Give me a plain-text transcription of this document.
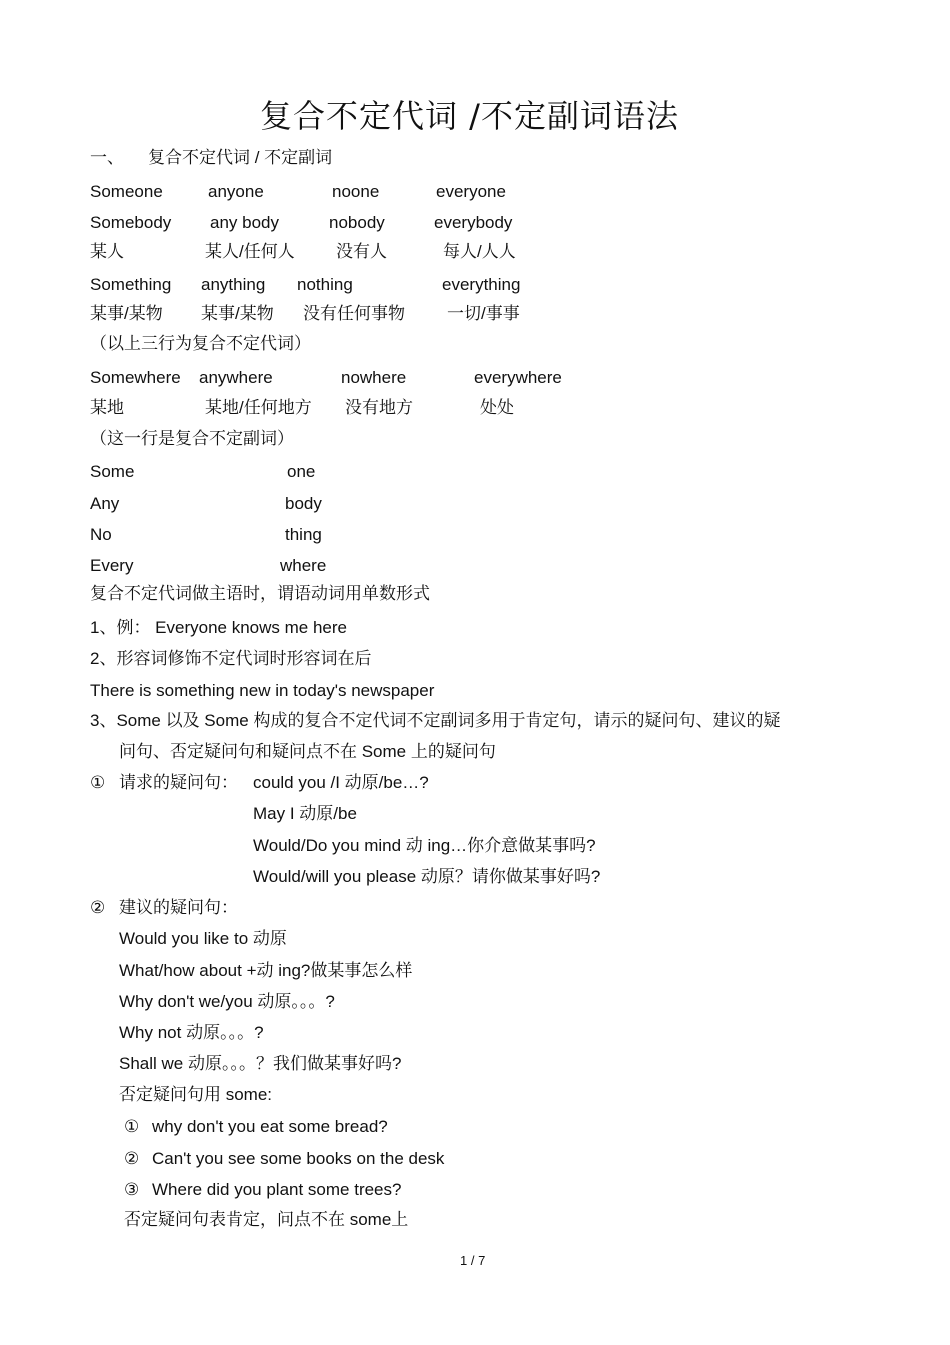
复合不定代词 /不定副词语法
一、 复合不定代词 / 不定副词
Someone	anyone	noone	everyone
Somebody any body	nobody	everybody
某人	某人/任何人 没有人	每人/人人
Something anything nothing	everything
某事/某物 某事/某物 没有任何事物 一切/事事
（以上三行为复合不定代词）
Somewhere anywhere	nowhere	everywhere
某地	某地/任何地方 没有地方	处处
（这一行是复合不定副词）
Some	one
Any	body
No	thing
Every	where
复合不定代词做主语时，谓语动词用单数形式
1、例： Everyone knows me here
2、形容词修饰不定代词时形容词在后
There is something new in today's newspaper
3、Some 以及 Some 构成的复合不定代词不定副词多用于肯定句，请示的疑问句、建议的疑
问句、否定疑问句和疑问点不在 Some 上的疑问句
① 请求的疑问句： could you /I 动原/be…?
May I 动原/be
Would/Do you mind 动 ing…你介意做某事吗?
Would/will you please 动原？请你做某事好吗?
② 建议的疑问句：
Would you like to 动原
What/how about +动 ing?做某事怎么样
Why don't we/you 动原。。。?
Why not 动原。。。?
Shall we 动原。。。？我们做某事好吗?
否定疑问句用 some:
① why don't you eat some bread?
② Can't you see some books on the desk
③ Where did you plant some trees?
否定疑问句表肯定，问点不在 some上
1 / 7
